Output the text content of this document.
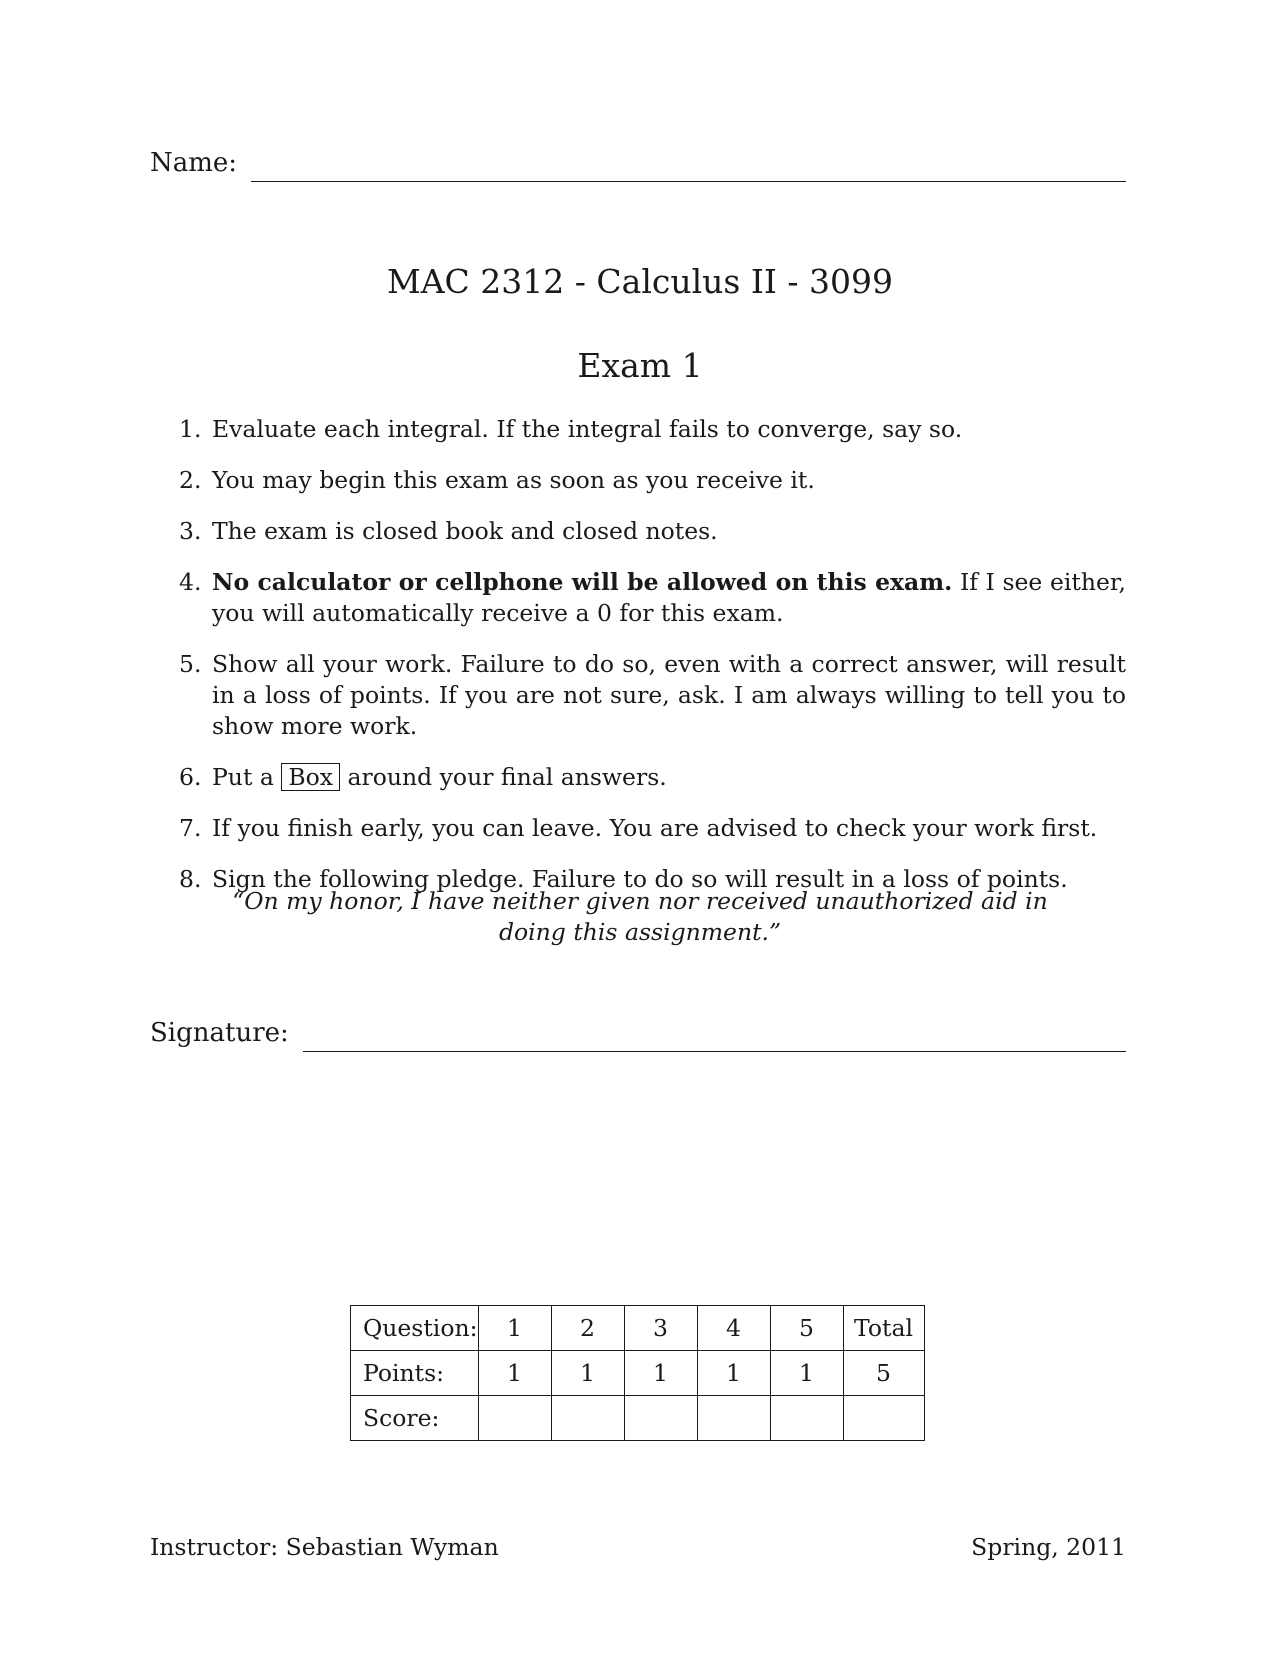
Name:
MAC 2312 - Calculus II - 3099
Exam 1
1. Evaluate each integral. If the integral fails to converge, say so.
2. You may begin this exam as soon as you receive it.
3. The exam is closed book and closed notes.
4. No calculator or cellphone will be allowed on this exam. If I see either, you will automatically receive a 0 for this exam.
5. Show all your work. Failure to do so, even with a correct answer, will result in a loss of points. If you are not sure, ask. I am always willing to tell you to show more work.
6. Put a Box around your final answers.
7. If you finish early, you can leave. You are advised to check your work first.
8. Sign the following pledge. Failure to do so will result in a loss of points.
“On my honor, I have neither given nor received unauthorized aid in doing this assignment.”
Signature:
Question:	1	2	3	4	5	Total
Points:	1	1	1	1	1	5
Score:						
Instructor: Sebastian Wyman	Spring, 2011
